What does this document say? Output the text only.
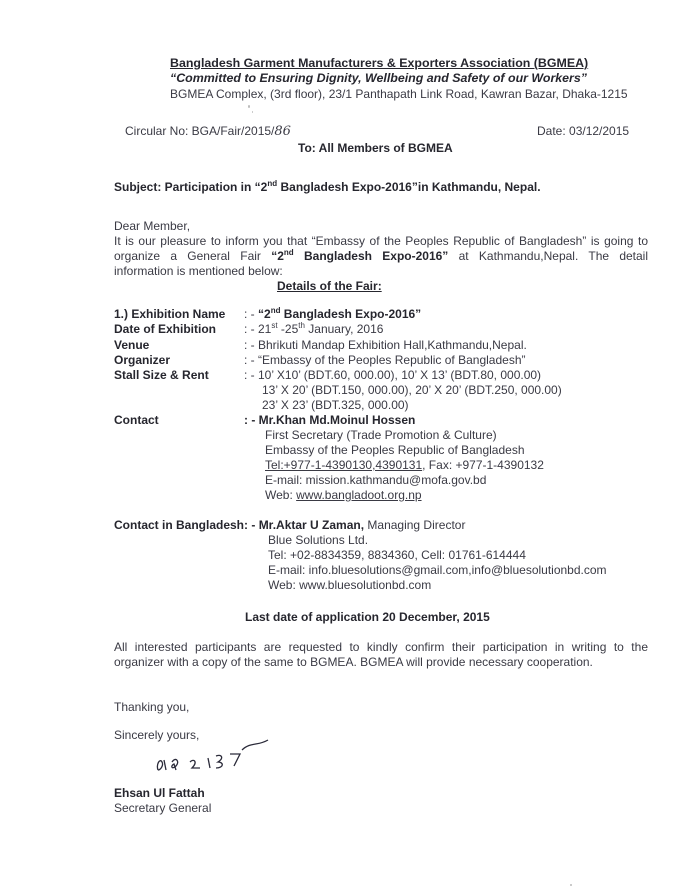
Bangladesh Garment Manufacturers & Exporters Association (BGMEA)
“Committed to Ensuring Dignity, Wellbeing and Safety of our Workers”
BGMEA Complex, (3rd floor), 23/1 Panthapath Link Road, Kawran Bazar, Dhaka-1215
Circular No: BGA/Fair/2015/86	Date: 03/12/2015
To: All Members of BGMEA
Subject: Participation in “2nd Bangladesh Expo-2016”in Kathmandu, Nepal.
Dear Member,
It is our pleasure to inform you that “Embassy of the Peoples Republic of Bangladesh” is going to
organize a General Fair “2nd Bangladesh Expo-2016” at Kathmandu,Nepal. The detail
information is mentioned below:
Details of the Fair:
1.) Exhibition Name : - “2nd Bangladesh Expo-2016”
Date of Exhibition : - 21st -25th January, 2016
Venue	: - Bhrikuti Mandap Exhibition Hall,Kathmandu,Nepal.
Organizer	: - “Embassy of the Peoples Republic of Bangladesh”
Stall Size & Rent	: - 10’ X10’ (BDT.60, 000.00), 10’ X 13’ (BDT.80, 000.00)
13’ X 20’ (BDT.150, 000.00), 20’ X 20’ (BDT.250, 000.00)
23’ X 23’ (BDT.325, 000.00)
Contact	: - Mr.Khan Md.Moinul Hossen
First Secretary (Trade Promotion & Culture)
Embassy of the Peoples Republic of Bangladesh
Tel:+977-1-4390130,4390131, Fax: +977-1-4390132
E-mail: mission.kathmandu@mofa.gov.bd
Web: www.bangladoot.org.np
Contact in Bangladesh: - Mr.Aktar U Zaman, Managing Director
Blue Solutions Ltd.
Tel: +02-8834359, 8834360, Cell: 01761-614444
E-mail: info.bluesolutions@gmail.com,info@bluesolutionbd.com
Web: www.bluesolutionbd.com
Last date of application 20 December, 2015
All interested participants are requested to kindly confirm their participation in writing to the
organizer with a copy of the same to BGMEA. BGMEA will provide necessary cooperation.
Thanking you,
Sincerely yours,
Ehsan Ul Fattah
Secretary General
